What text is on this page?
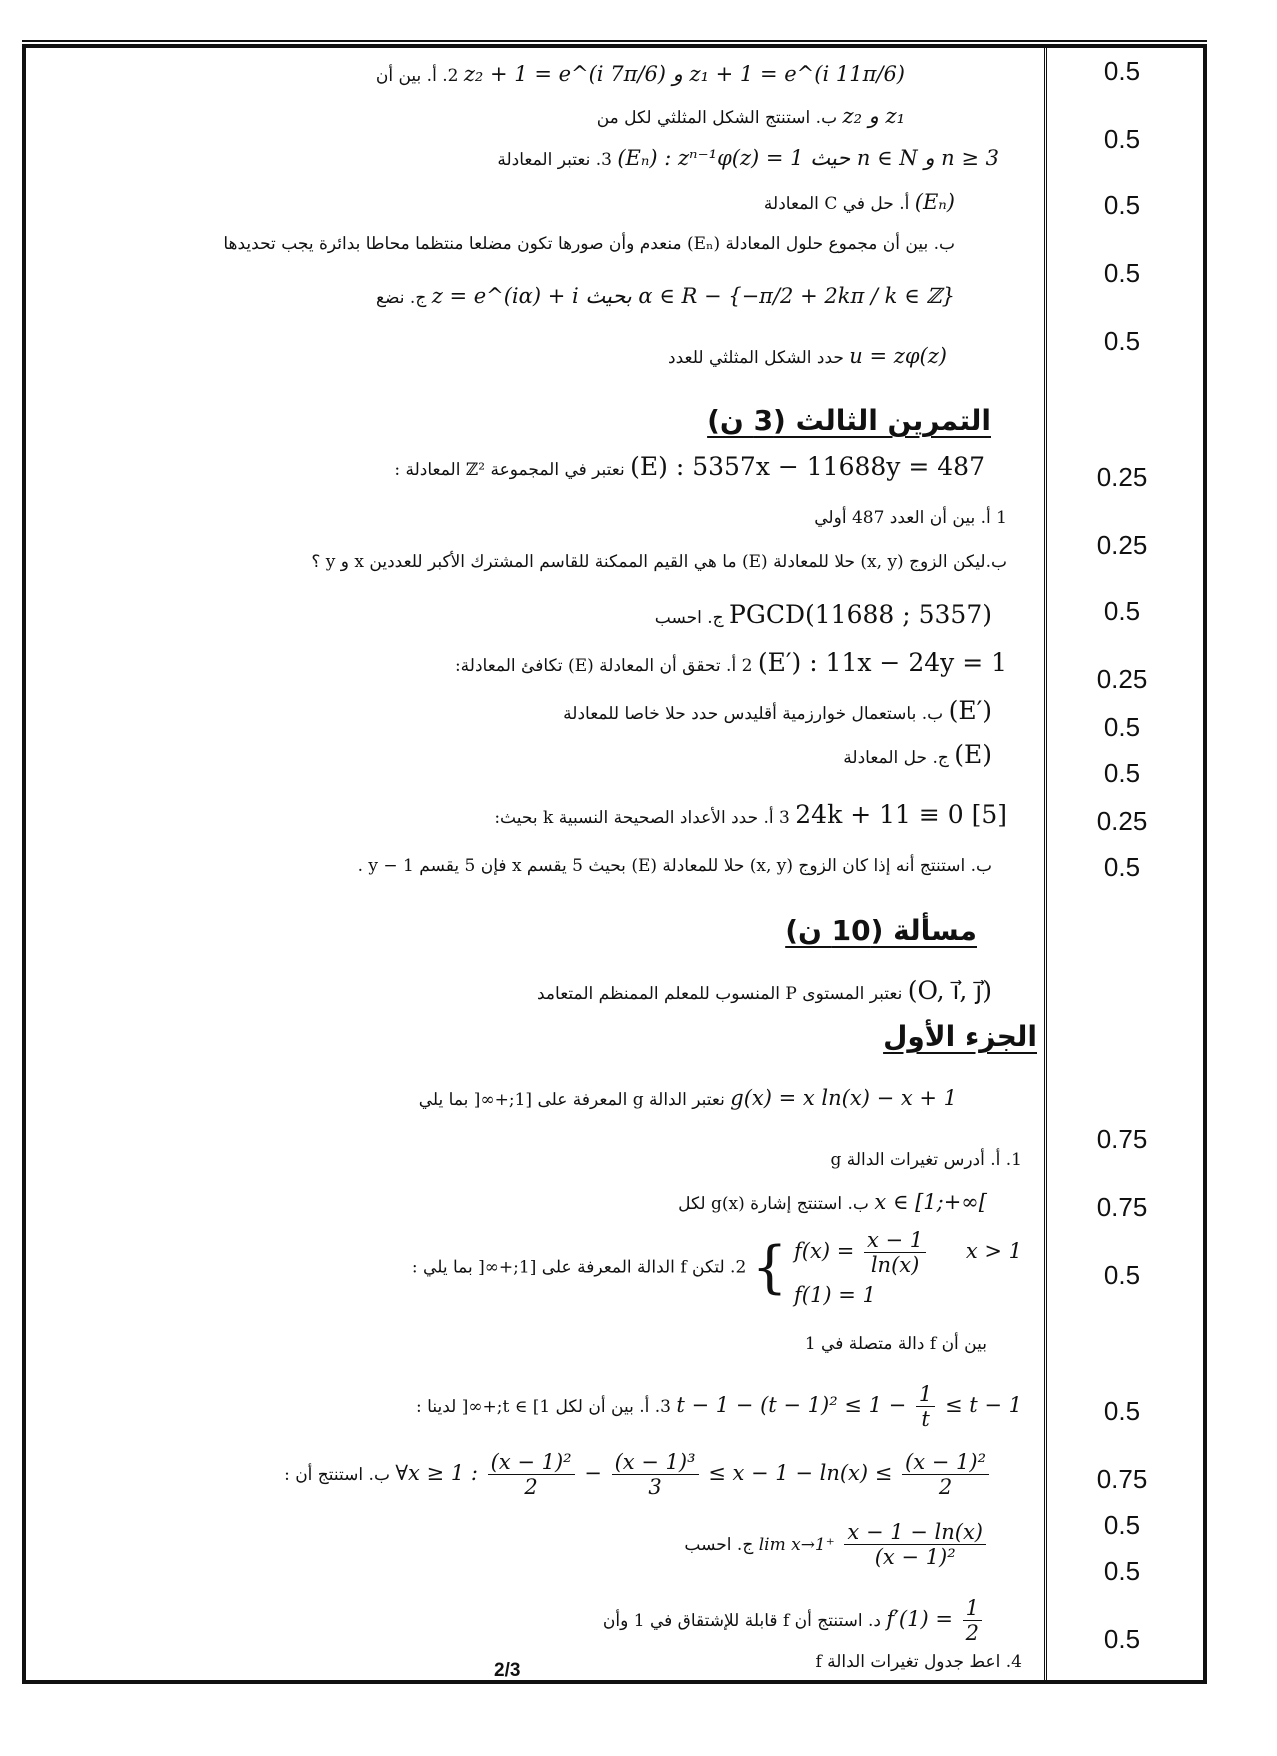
2. أ. بين أن z₂ + 1 = e^(i 7π/6) و z₁ + 1 = e^(i 11π/6)
ب. استنتج الشكل المثلثي لكل من z₂ و z₁
3. نعتبر المعادلة (Eₙ) : zⁿ⁻¹φ(z) = 1 حيث n ∈ N و n ≥ 3
أ. حل في C المعادلة (Eₙ)
ب. بين أن مجموع حلول المعادلة (Eₙ) منعدم وأن صورها تكون مضلعا منتظما محاطا بدائرة يجب تحديدها
ج. نضع z = e^(iα) + i بحيث α ∈ R − {−π/2 + 2kπ / k ∈ ℤ}
حدد الشكل المثلثي للعدد u = zφ(z)
التمرين الثالث (3 ن)
نعتبر في المجموعة ℤ² المعادلة : (E) : 5357x − 11688y = 487
1 أ. بين أن العدد 487 أولي
ب.ليكن الزوج (x, y) حلا للمعادلة (E) ما هي القيم الممكنة للقاسم المشترك الأكبر للعددين x و y ؟
ج. احسب PGCD(11688 ; 5357)
2 أ. تحقق أن المعادلة (E) تكافئ المعادلة: (E′) : 11x − 24y = 1
ب. باستعمال خوارزمية أقليدس حدد حلا خاصا للمعادلة (E′)
ج. حل المعادلة (E)
3 أ. حدد الأعداد الصحيحة النسبية k بحيث: 24k + 11 ≡ 0 [5]
ب. استنتج أنه إذا كان الزوج (x, y) حلا للمعادلة (E) بحيث 5 يقسم x فإن 5 يقسم y − 1 .
مسألة (10 ن)
نعتبر المستوى P المنسوب للمعلم الممنظم المتعامد (O, i⃗, j⃗)
الجزء الأول
نعتبر الدالة g المعرفة على [1;+∞[ بما يلي g(x) = x ln(x) − x + 1
1. أ. أدرس تغيرات الدالة g
ب. استنتج إشارة g(x) لكل x ∈ [1;+∞[
2. لتكن f الدالة المعرفة على [1;+∞[ بما يلي : { $f(x) = \frac{x - 1}{\ln(x)}$ x > 1
f(1) = 1
بين أن f دالة متصلة في 1
3. أ. بين أن لكل t ∈ [1;+∞[ لدينا : $t - 1 - (t - 1)^2 \le 1 - \frac{1}{t} \le t - 1$
ب. استنتج أن : ∀x ≥ 1 : $\frac{\text{(x − 1)²}}{2} - \frac{\text{(x − 1)³}}{3} \le x - 1 - \ln(x) \le \frac{\text{(x − 1)²}}{2}$
ج. احسب $\lim x\to 1^+ \frac{x - 1 - \ln(x)}{\text{(x − 1)²}}$
د. استنتج أن f قابلة للإشتقاق في 1 وأن $f'(1) = \frac{1}{2}$
4. اعط جدول تغيرات الدالة f
2/3
0.5
0.5
0.5
0.5
0.5
0.25
0.25
0.5
0.25
0.5
0.5
0.25
0.5
0.75
0.75
0.5
0.5
0.75
0.5
0.5
0.5
